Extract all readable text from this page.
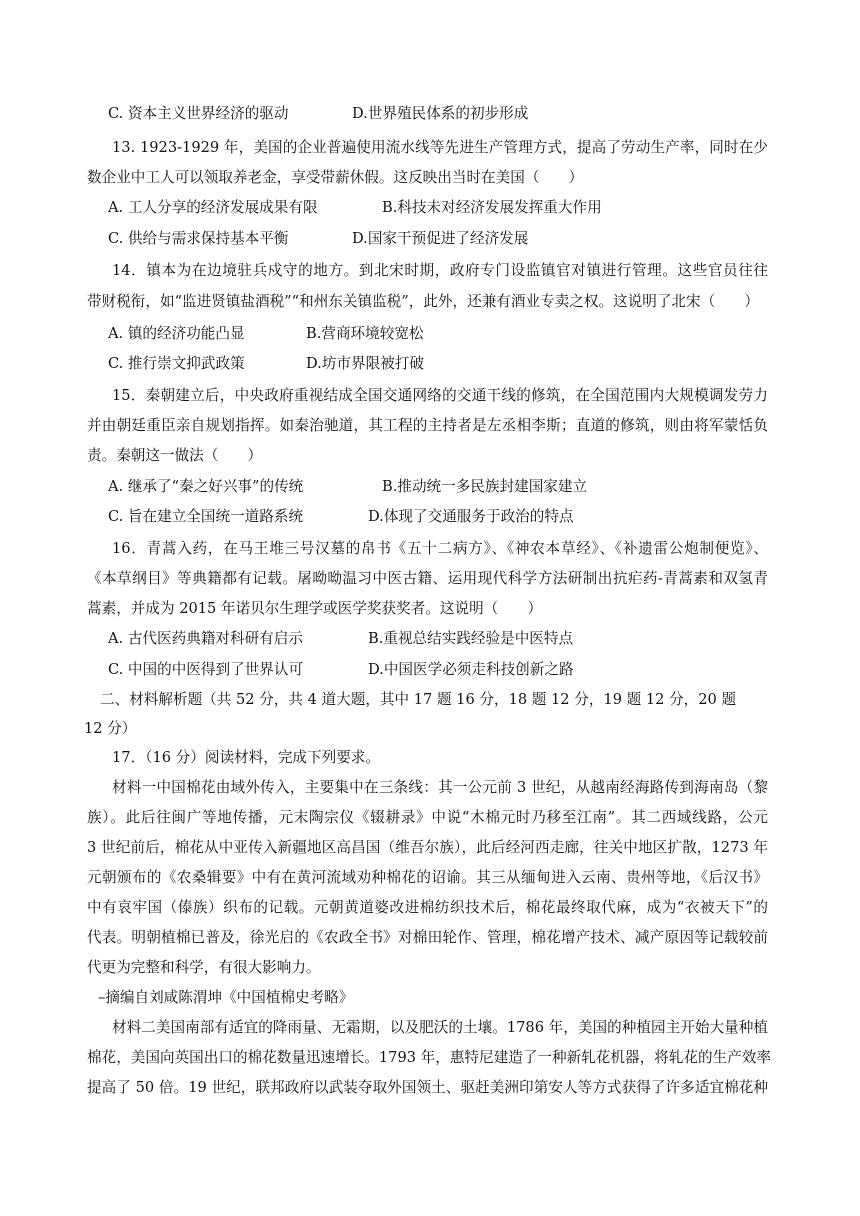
C. 资本主义世界经济的驱动	D.世界殖民体系的初步形成
13. 1923-1929 年，美国的企业普遍使用流水线等先进生产管理方式，提高了劳动生产率，同时在少
数企业中工人可以领取养老金，享受带薪休假。这反映出当时在美国（　　）
A. 工人分享的经济发展成果有限	B.科技未对经济发展发挥重大作用
C. 供给与需求保持基本平衡	D.国家干预促进了经济发展
14．镇本为在边境驻兵戍守的地方。到北宋时期，政府专门设监镇官对镇进行管理。这些官员往往
带财税衔，如“监进贤镇盐酒税”“和州东关镇监税”，此外，还兼有酒业专卖之权。这说明了北宋（　　）
A. 镇的经济功能凸显	B.营商环境较宽松
C. 推行崇文抑武政策	D.坊市界限被打破
15．秦朝建立后，中央政府重视结成全国交通网络的交通干线的修筑，在全国范围内大规模调发劳力
并由朝廷重臣亲自规划指挥。如秦治驰道，其工程的主持者是左丞相李斯；直道的修筑，则由将军蒙恬负
责。秦朝这一做法（　　）
A. 继承了“秦之好兴事”的传统	B.推动统一多民族封建国家建立
C. 旨在建立全国统一道路系统	D.体现了交通服务于政治的特点
16．青蒿入药，在马王堆三号汉墓的帛书《五十二病方》、《神农本草经》、《补遗雷公炮制便览》、
《本草纲目》等典籍都有记载。屠呦呦温习中医古籍、运用现代科学方法研制出抗疟药-青蒿素和双氢青
蒿素，并成为 2015 年诺贝尔生理学或医学奖获奖者。这说明（　　）
A. 古代医药典籍对科研有启示	B.重视总结实践经验是中医特点
C. 中国的中医得到了世界认可	D.中国医学必须走科技创新之路
二、材料解析题（共 52 分，共 4 道大题，其中 17 题 16 分，18 题 12 分，19 题 12 分，20 题
12 分）
17．（16 分）阅读材料，完成下列要求。
材料一中国棉花由域外传入，主要集中在三条线：其一公元前 3 世纪，从越南经海路传到海南岛（黎
族）。此后往闽广等地传播，元末陶宗仪《辍耕录》中说“木棉元时乃移至江南”。其二西域线路，公元
3 世纪前后，棉花从中亚传入新疆地区高昌国（维吾尔族），此后经河西走廊，往关中地区扩散，1273 年
元朝颁布的《农桑辑要》中有在黄河流域劝种棉花的诏谕。其三从缅甸进入云南、贵州等地，《后汉书》
中有哀牢国（傣族）织布的记载。元朝黄道婆改进棉纺织技术后，棉花最终取代麻，成为“衣被天下”的
代表。明朝植棉已普及，徐光启的《农政全书》对棉田轮作、管理，棉花增产技术、减产原因等记载较前
代更为完整和科学，有很大影响力。
–摘编自刘咸陈渭坤《中国植棉史考略》
材料二美国南部有适宜的降雨量、无霜期，以及肥沃的土壤。1786 年，美国的种植园主开始大量种植
棉花，美国向英国出口的棉花数量迅速增长。1793 年，惠特尼建造了一种新轧花机器，将轧花的生产效率
提高了 50 倍。19 世纪，联邦政府以武装夺取外国领土、驱赶美洲印第安人等方式获得了许多适宜棉花种
